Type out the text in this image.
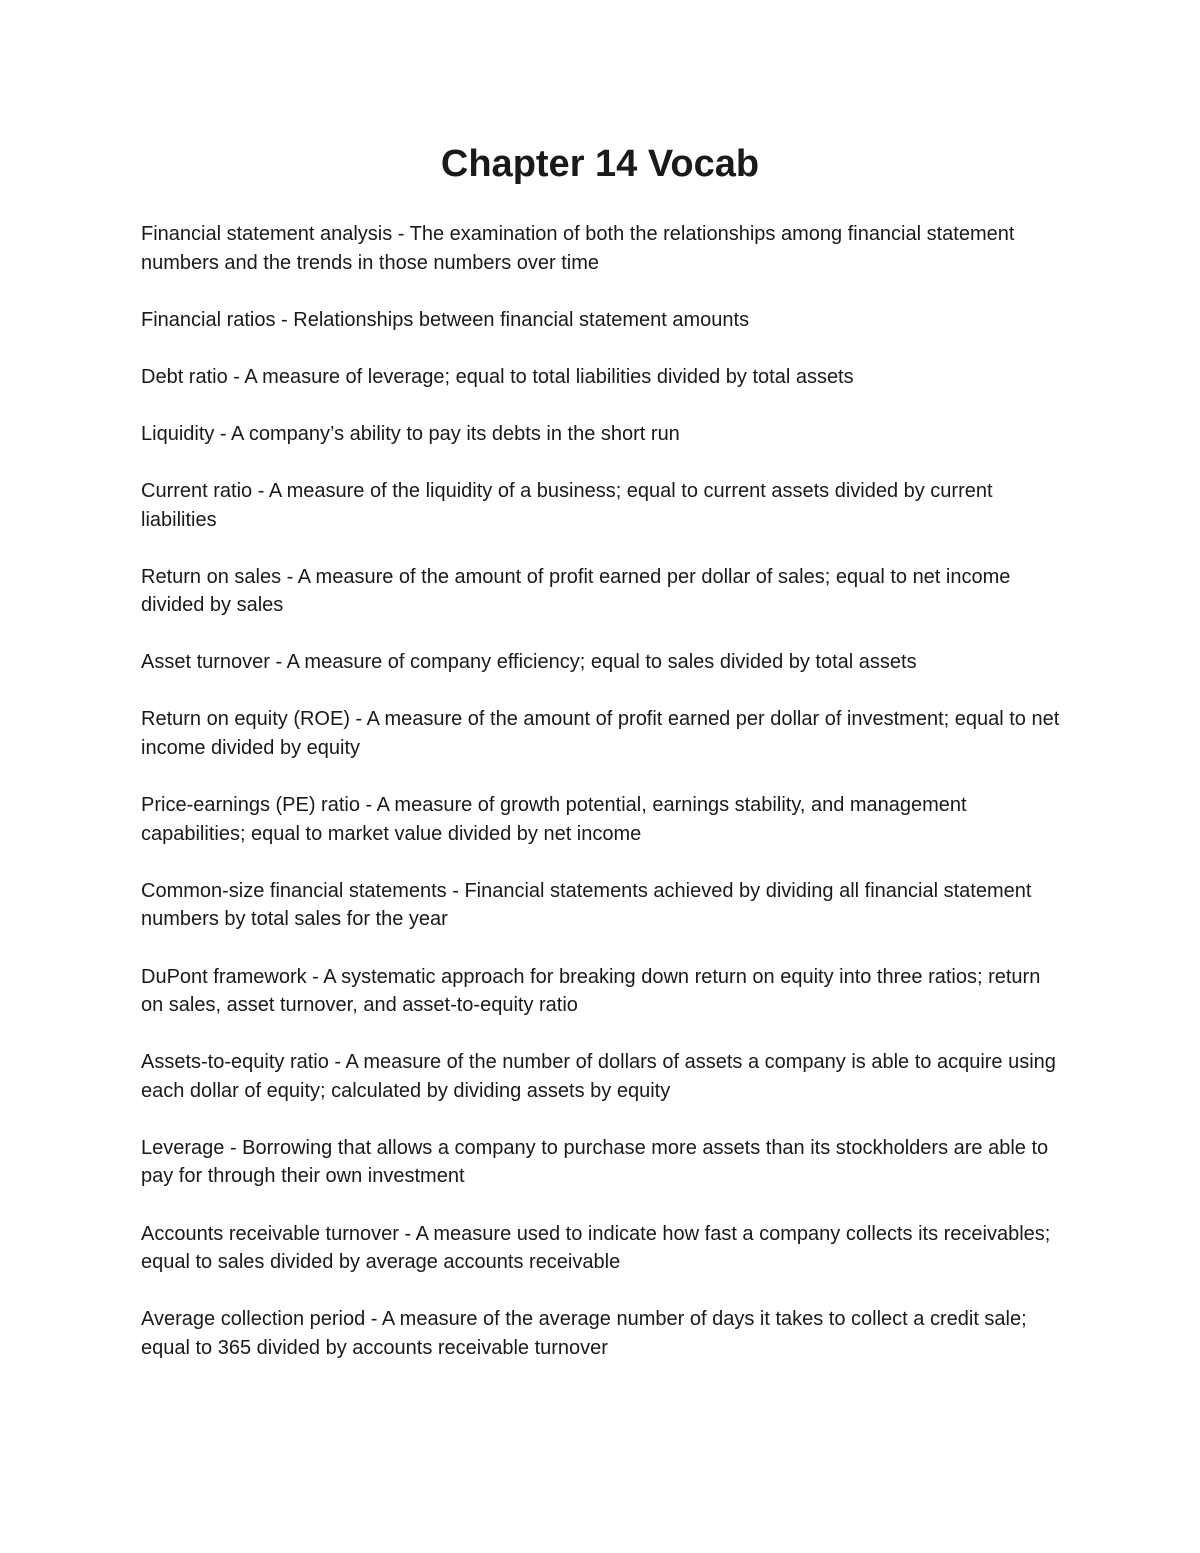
Chapter 14 Vocab
Financial statement analysis - The examination of both the relationships among financial statement numbers and the trends in those numbers over time
Financial ratios - Relationships between financial statement amounts
Debt ratio - A measure of leverage; equal to total liabilities divided by total assets
Liquidity - A company’s ability to pay its debts in the short run
Current ratio - A measure of the liquidity of a business; equal to current assets divided by current liabilities
Return on sales - A measure of the amount of profit earned per dollar of sales; equal to net income divided by sales
Asset turnover - A measure of company efficiency; equal to sales divided by total assets
Return on equity (ROE) - A measure of the amount of profit earned per dollar of investment; equal to net income divided by equity
Price-earnings (PE) ratio - A measure of growth potential, earnings stability, and management capabilities; equal to market value divided by net income
Common-size financial statements - Financial statements achieved by dividing all financial statement numbers by total sales for the year
DuPont framework - A systematic approach for breaking down return on equity into three ratios; return on sales, asset turnover, and asset-to-equity ratio
Assets-to-equity ratio - A measure of the number of dollars of assets a company is able to acquire using each dollar of equity; calculated by dividing assets by equity
Leverage - Borrowing that allows a company to purchase more assets than its stockholders are able to pay for through their own investment
Accounts receivable turnover - A measure used to indicate how fast a company collects its receivables; equal to sales divided by average accounts receivable
Average collection period - A measure of the average number of days it takes to collect a credit sale; equal to 365 divided by accounts receivable turnover
